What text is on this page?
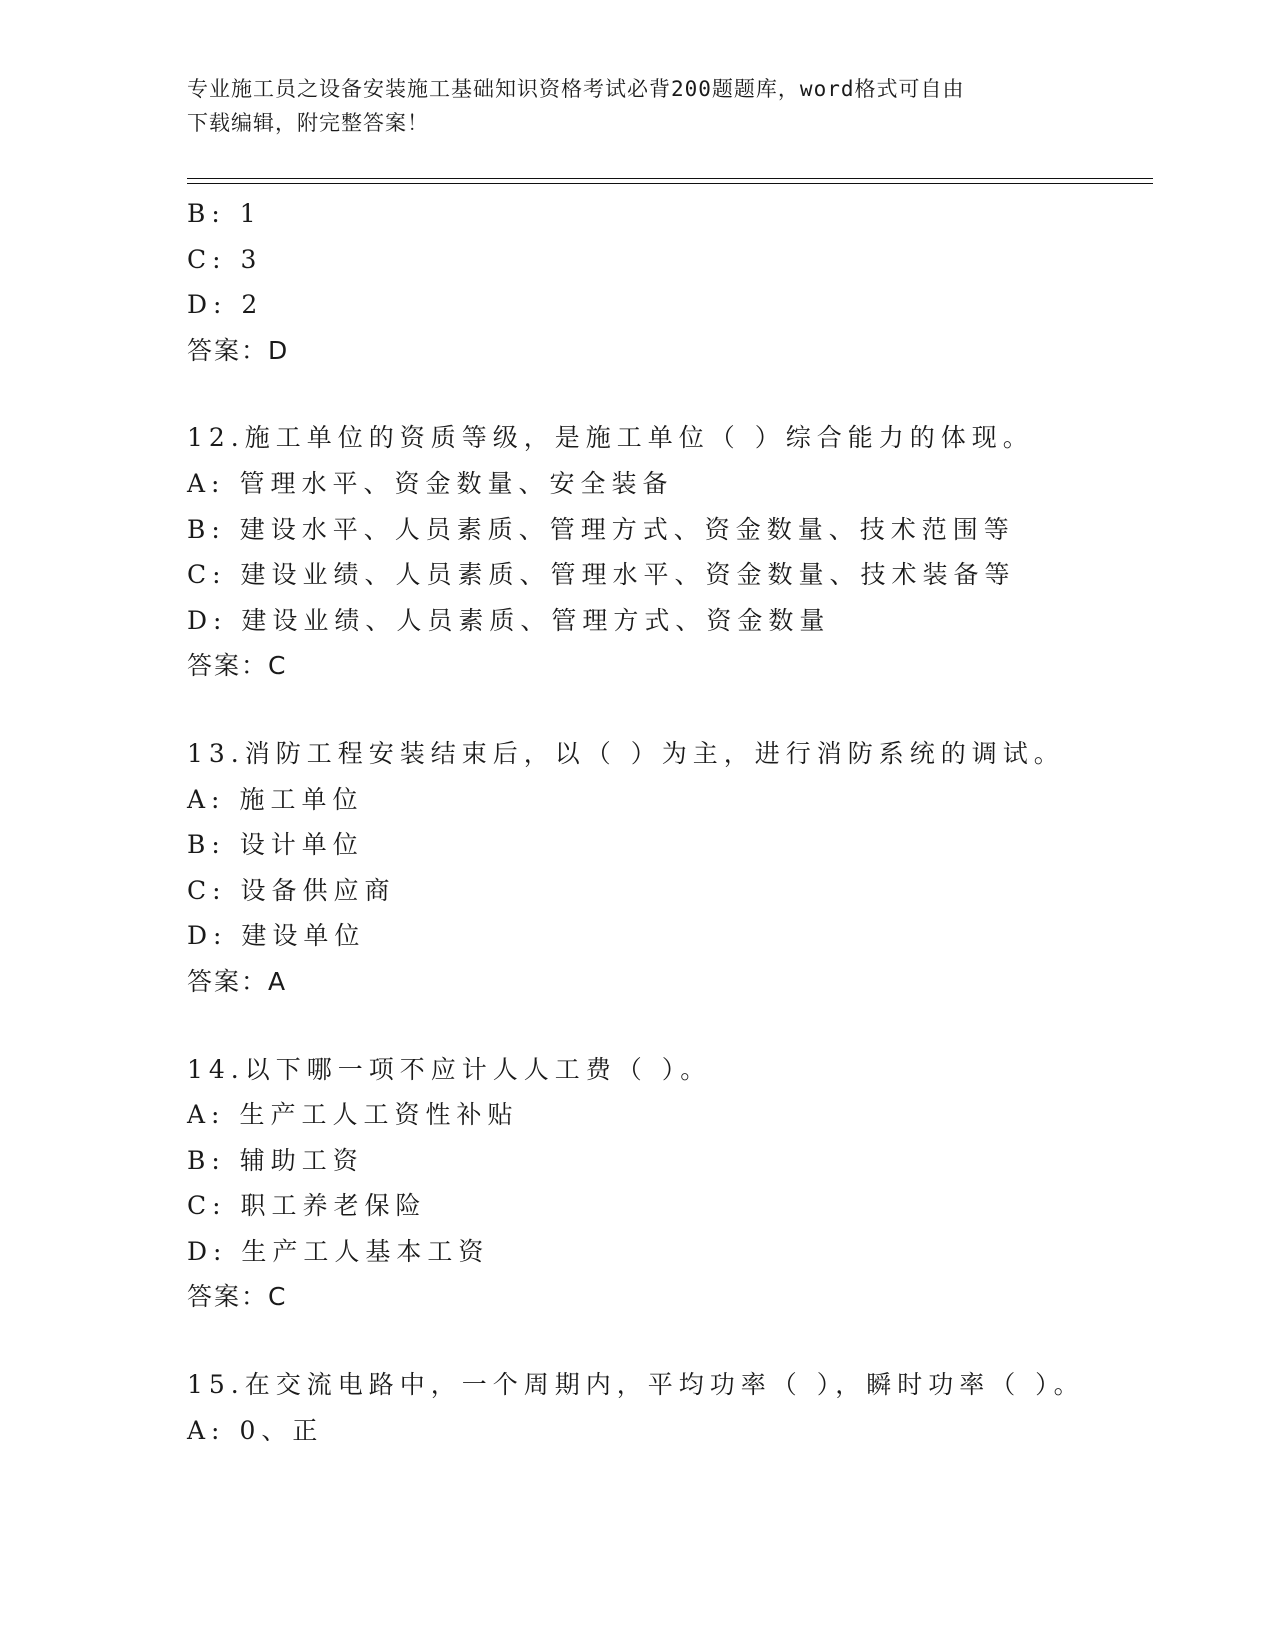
专业施工员之设备安装施工基础知识资格考试必背200题题库，word格式可自由
下载编辑，附完整答案！
B: 1
C: 3
D: 2
答案：D
12.施工单位的资质等级，是施工单位（ ）综合能力的体现。
A: 管理水平、资金数量、安全装备
B: 建设水平、人员素质、管理方式、资金数量、技术范围等
C: 建设业绩、人员素质、管理水平、资金数量、技术装备等
D: 建设业绩、人员素质、管理方式、资金数量
答案：C
13.消防工程安装结束后，以（ ）为主，进行消防系统的调试。
A: 施工单位
B: 设计单位
C: 设备供应商
D: 建设单位
答案：A
14.以下哪一项不应计人人工费（ ）。
A: 生产工人工资性补贴
B: 辅助工资
C: 职工养老保险
D: 生产工人基本工资
答案：C
15.在交流电路中，一个周期内，平均功率（ ），瞬时功率（ ）。
A: 0、正
